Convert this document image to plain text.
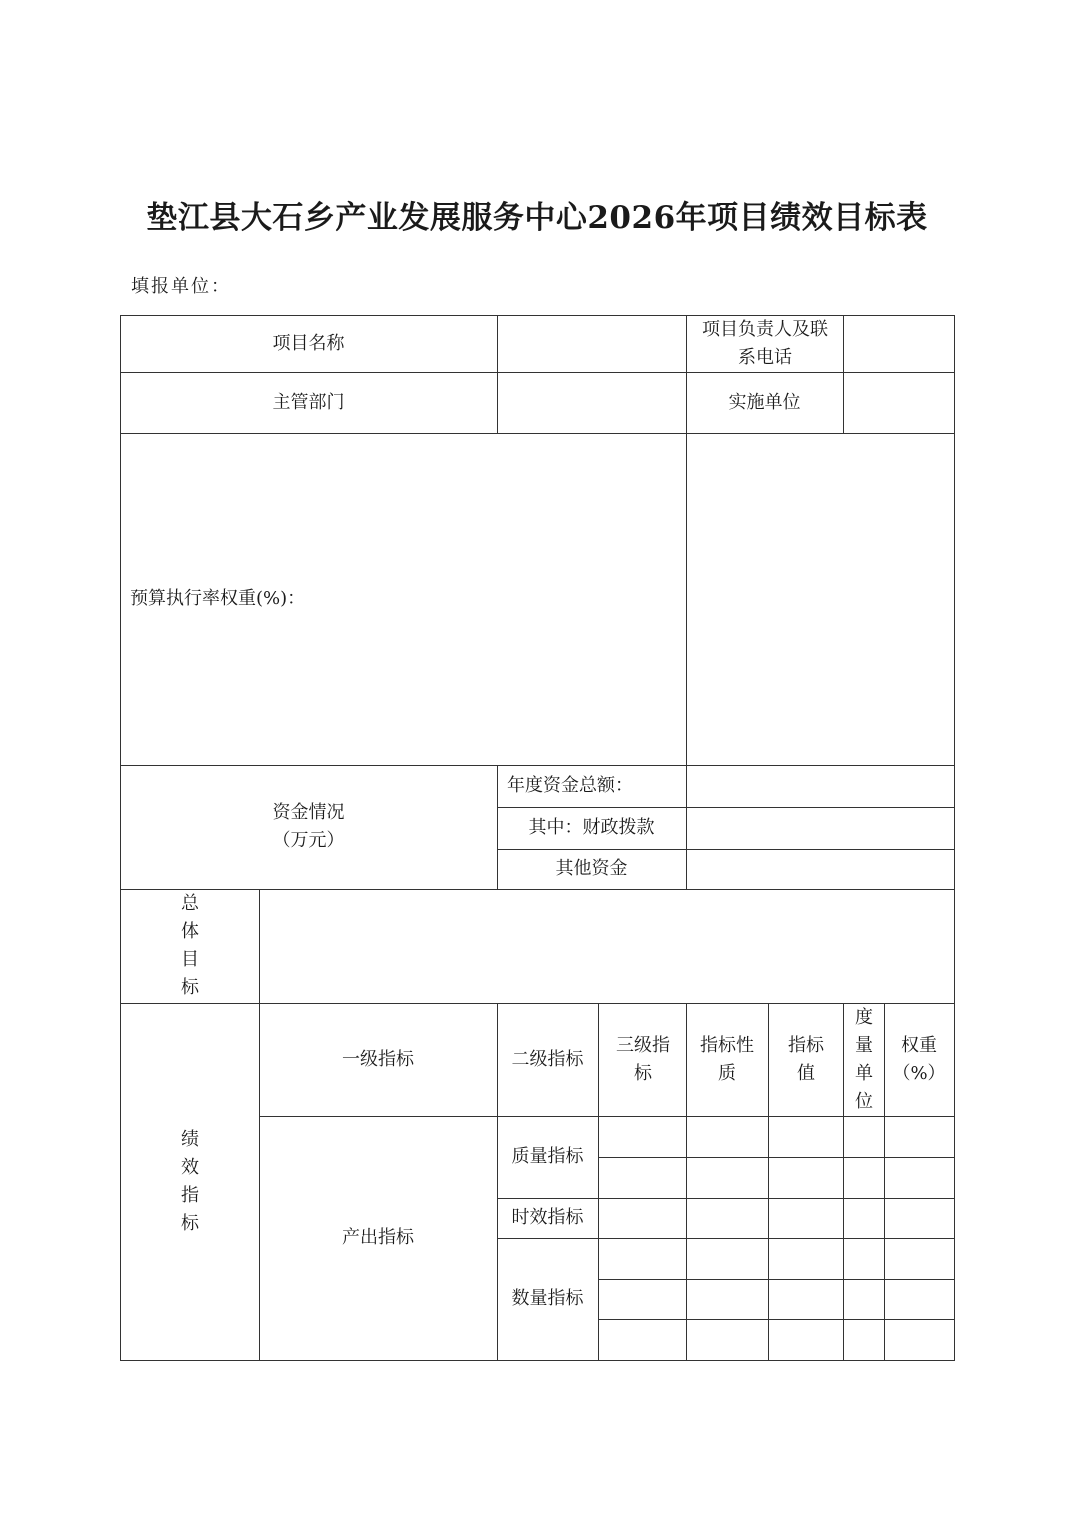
垫江县大石乡产业发展服务中心2026年项目绩效目标表
填报单位：
项目名称
项目负责人及联系电话
主管部门	实施单位
预算执行率权重(%)：
资金情况
（万元）
年度资金总额：
其中：财政拨款
其他资金
总体目标
绩效指标
一级指标	二级指标
三级指标
指标性质
指标值
度量单位
权重（%）
产出指标
质量指标
时效指标
数量指标
